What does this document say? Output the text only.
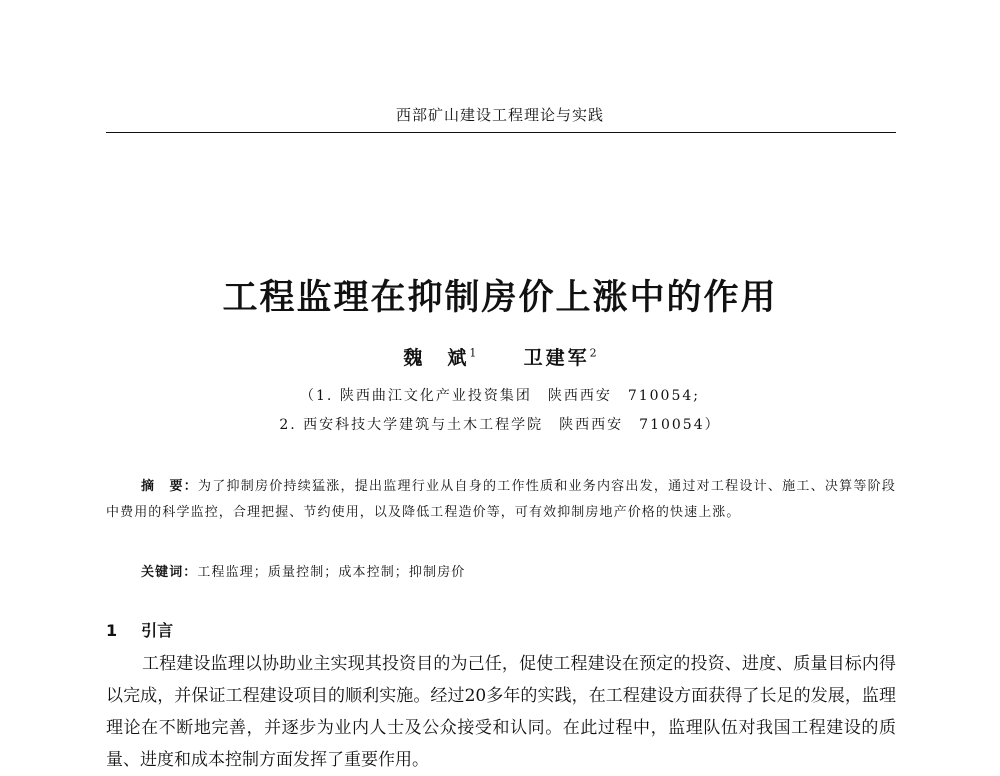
西部矿山建设工程理论与实践
工程监理在抑制房价上涨中的作用
魏　斌$^1$ 卫建军$^2$
（1. 陕西曲江文化产业投资集团　陕西西安　710054;
2. 西安科技大学建筑与土木工程学院　陕西西安　710054）
摘　要：为了抑制房价持续猛涨，提出监理行业从自身的工作性质和业务内容出发，通过对工程设计、施工、决算等阶段中费用的科学监控，合理把握、节约使用，以及降低工程造价等，可有效抑制房地产价格的快速上涨。
关键词：工程监理；质量控制；成本控制；抑制房价
1 引言
工程建设监理以协助业主实现其投资目的为己任，促使工程建设在预定的投资、进度、质量目标内得以完成，并保证工程建设项目的顺利实施。经过20多年的实践，在工程建设方面获得了长足的发展，监理理论在不断地完善，并逐步为业内人士及公众接受和认同。在此过程中，监理队伍对我国工程建设的质量、进度和成本控制方面发挥了重要作用。
